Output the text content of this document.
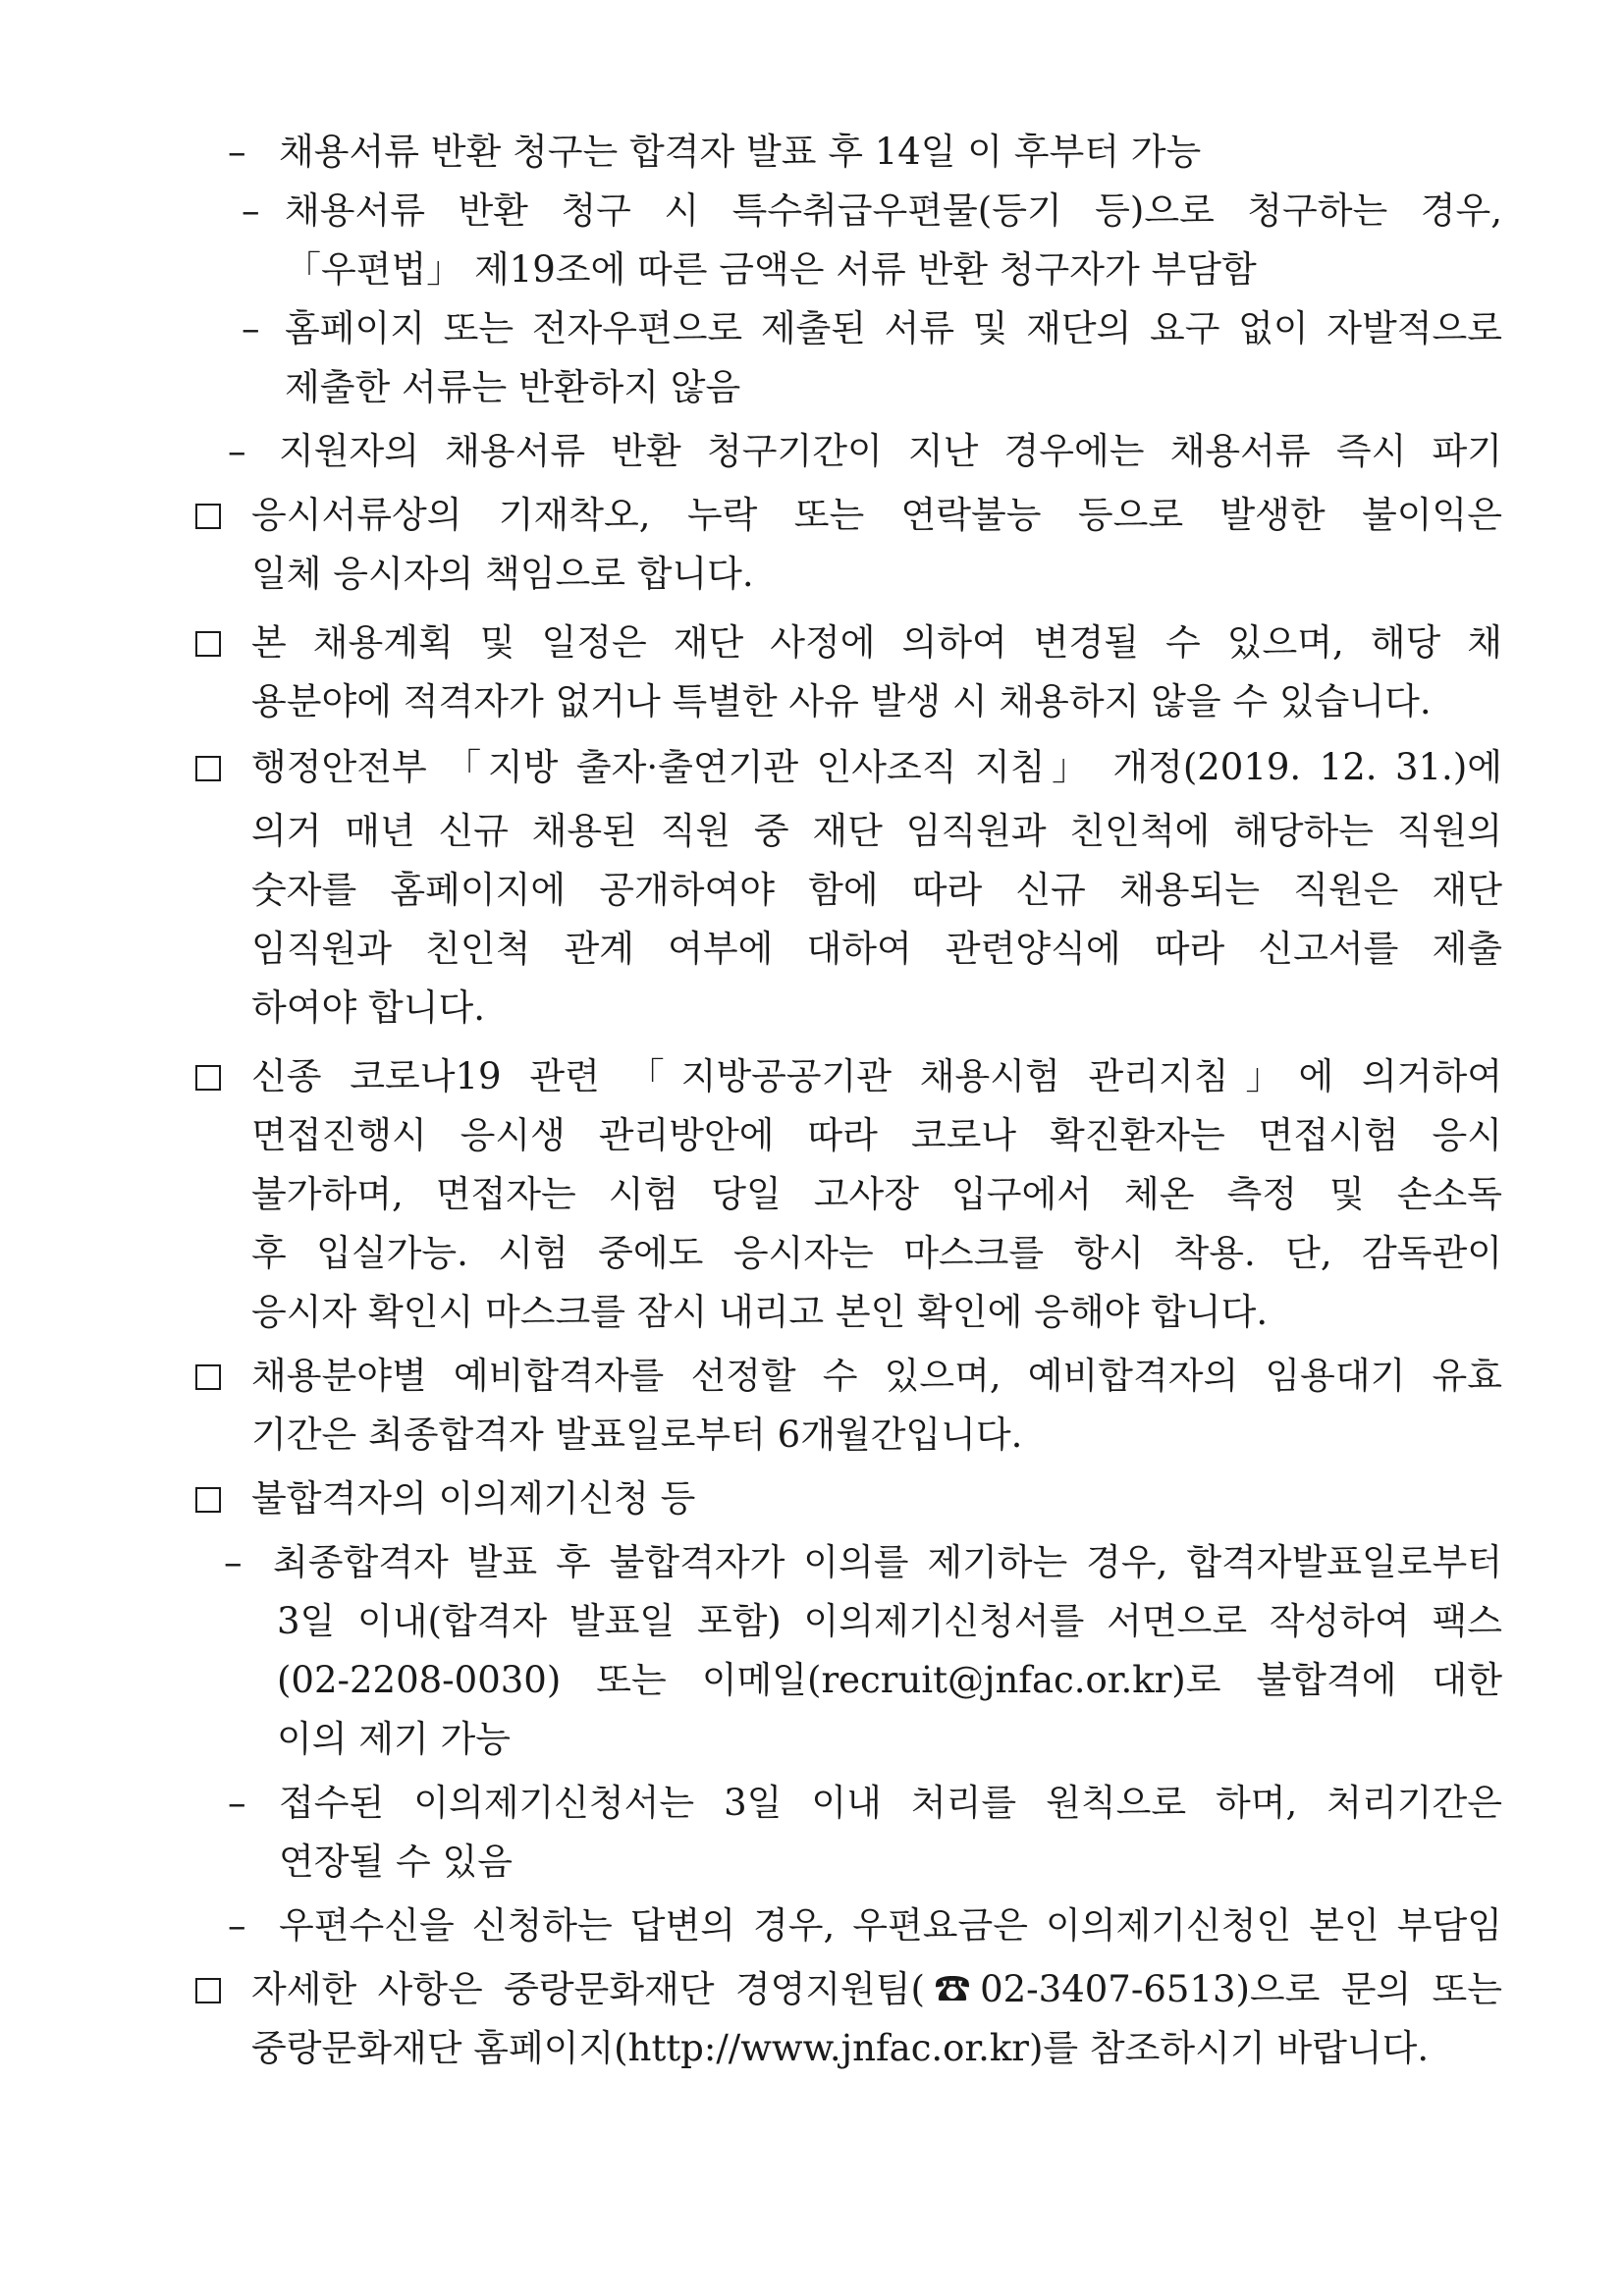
– 채용서류 반환 청구는 합격자 발표 후 14일 이 후부터 가능
– 채용서류 반환 청구 시 특수취급우편물(등기 등)으로 청구하는 경우,
「우편법」 제19조에 따른 금액은 서류 반환 청구자가 부담함
– 홈페이지 또는 전자우편으로 제출된 서류 및 재단의 요구 없이 자발적으로
제출한 서류는 반환하지 않음
– 지원자의 채용서류 반환 청구기간이 지난 경우에는 채용서류 즉시 파기
응시서류상의 기재착오, 누락 또는 연락불능 등으로 발생한 불이익은
일체 응시자의 책임으로 합니다.
본 채용계획 및 일정은 재단 사정에 의하여 변경될 수 있으며, 해당 채
용분야에 적격자가 없거나 특별한 사유 발생 시 채용하지 않을 수 있습니다.
행정안전부 「지방 출자·출연기관 인사조직 지침」 개정(2019. 12. 31.)에
의거 매년 신규 채용된 직원 중 재단 임직원과 친인척에 해당하는 직원의
숫자를 홈페이지에 공개하여야 함에 따라 신규 채용되는 직원은 재단
임직원과 친인척 관계 여부에 대하여 관련양식에 따라 신고서를 제출
하여야 합니다.
신종 코로나19 관련 「지방공공기관 채용시험 관리지침」에 의거하여
면접진행시 응시생 관리방안에 따라 코로나 확진환자는 면접시험 응시
불가하며, 면접자는 시험 당일 고사장 입구에서 체온 측정 및 손소독
후 입실가능. 시험 중에도 응시자는 마스크를 항시 착용. 단, 감독관이
응시자 확인시 마스크를 잠시 내리고 본인 확인에 응해야 합니다.
채용분야별 예비합격자를 선정할 수 있으며, 예비합격자의 임용대기 유효
기간은 최종합격자 발표일로부터 6개월간입니다.
불합격자의 이의제기신청 등
– 최종합격자 발표 후 불합격자가 이의를 제기하는 경우, 합격자발표일로부터
3일 이내(합격자 발표일 포함) 이의제기신청서를 서면으로 작성하여 팩스
(02-2208-0030) 또는 이메일(recruit@jnfac.or.kr)로 불합격에 대한
이의 제기 가능
– 접수된 이의제기신청서는 3일 이내 처리를 원칙으로 하며, 처리기간은
연장될 수 있음
– 우편수신을 신청하는 답변의 경우, 우편요금은 이의제기신청인 본인 부담임
자세한 사항은 중랑문화재단 경영지원팀(☎02-3407-6513)으로 문의 또는
중랑문화재단 홈페이지(http://www.jnfac.or.kr)를 참조하시기 바랍니다.
